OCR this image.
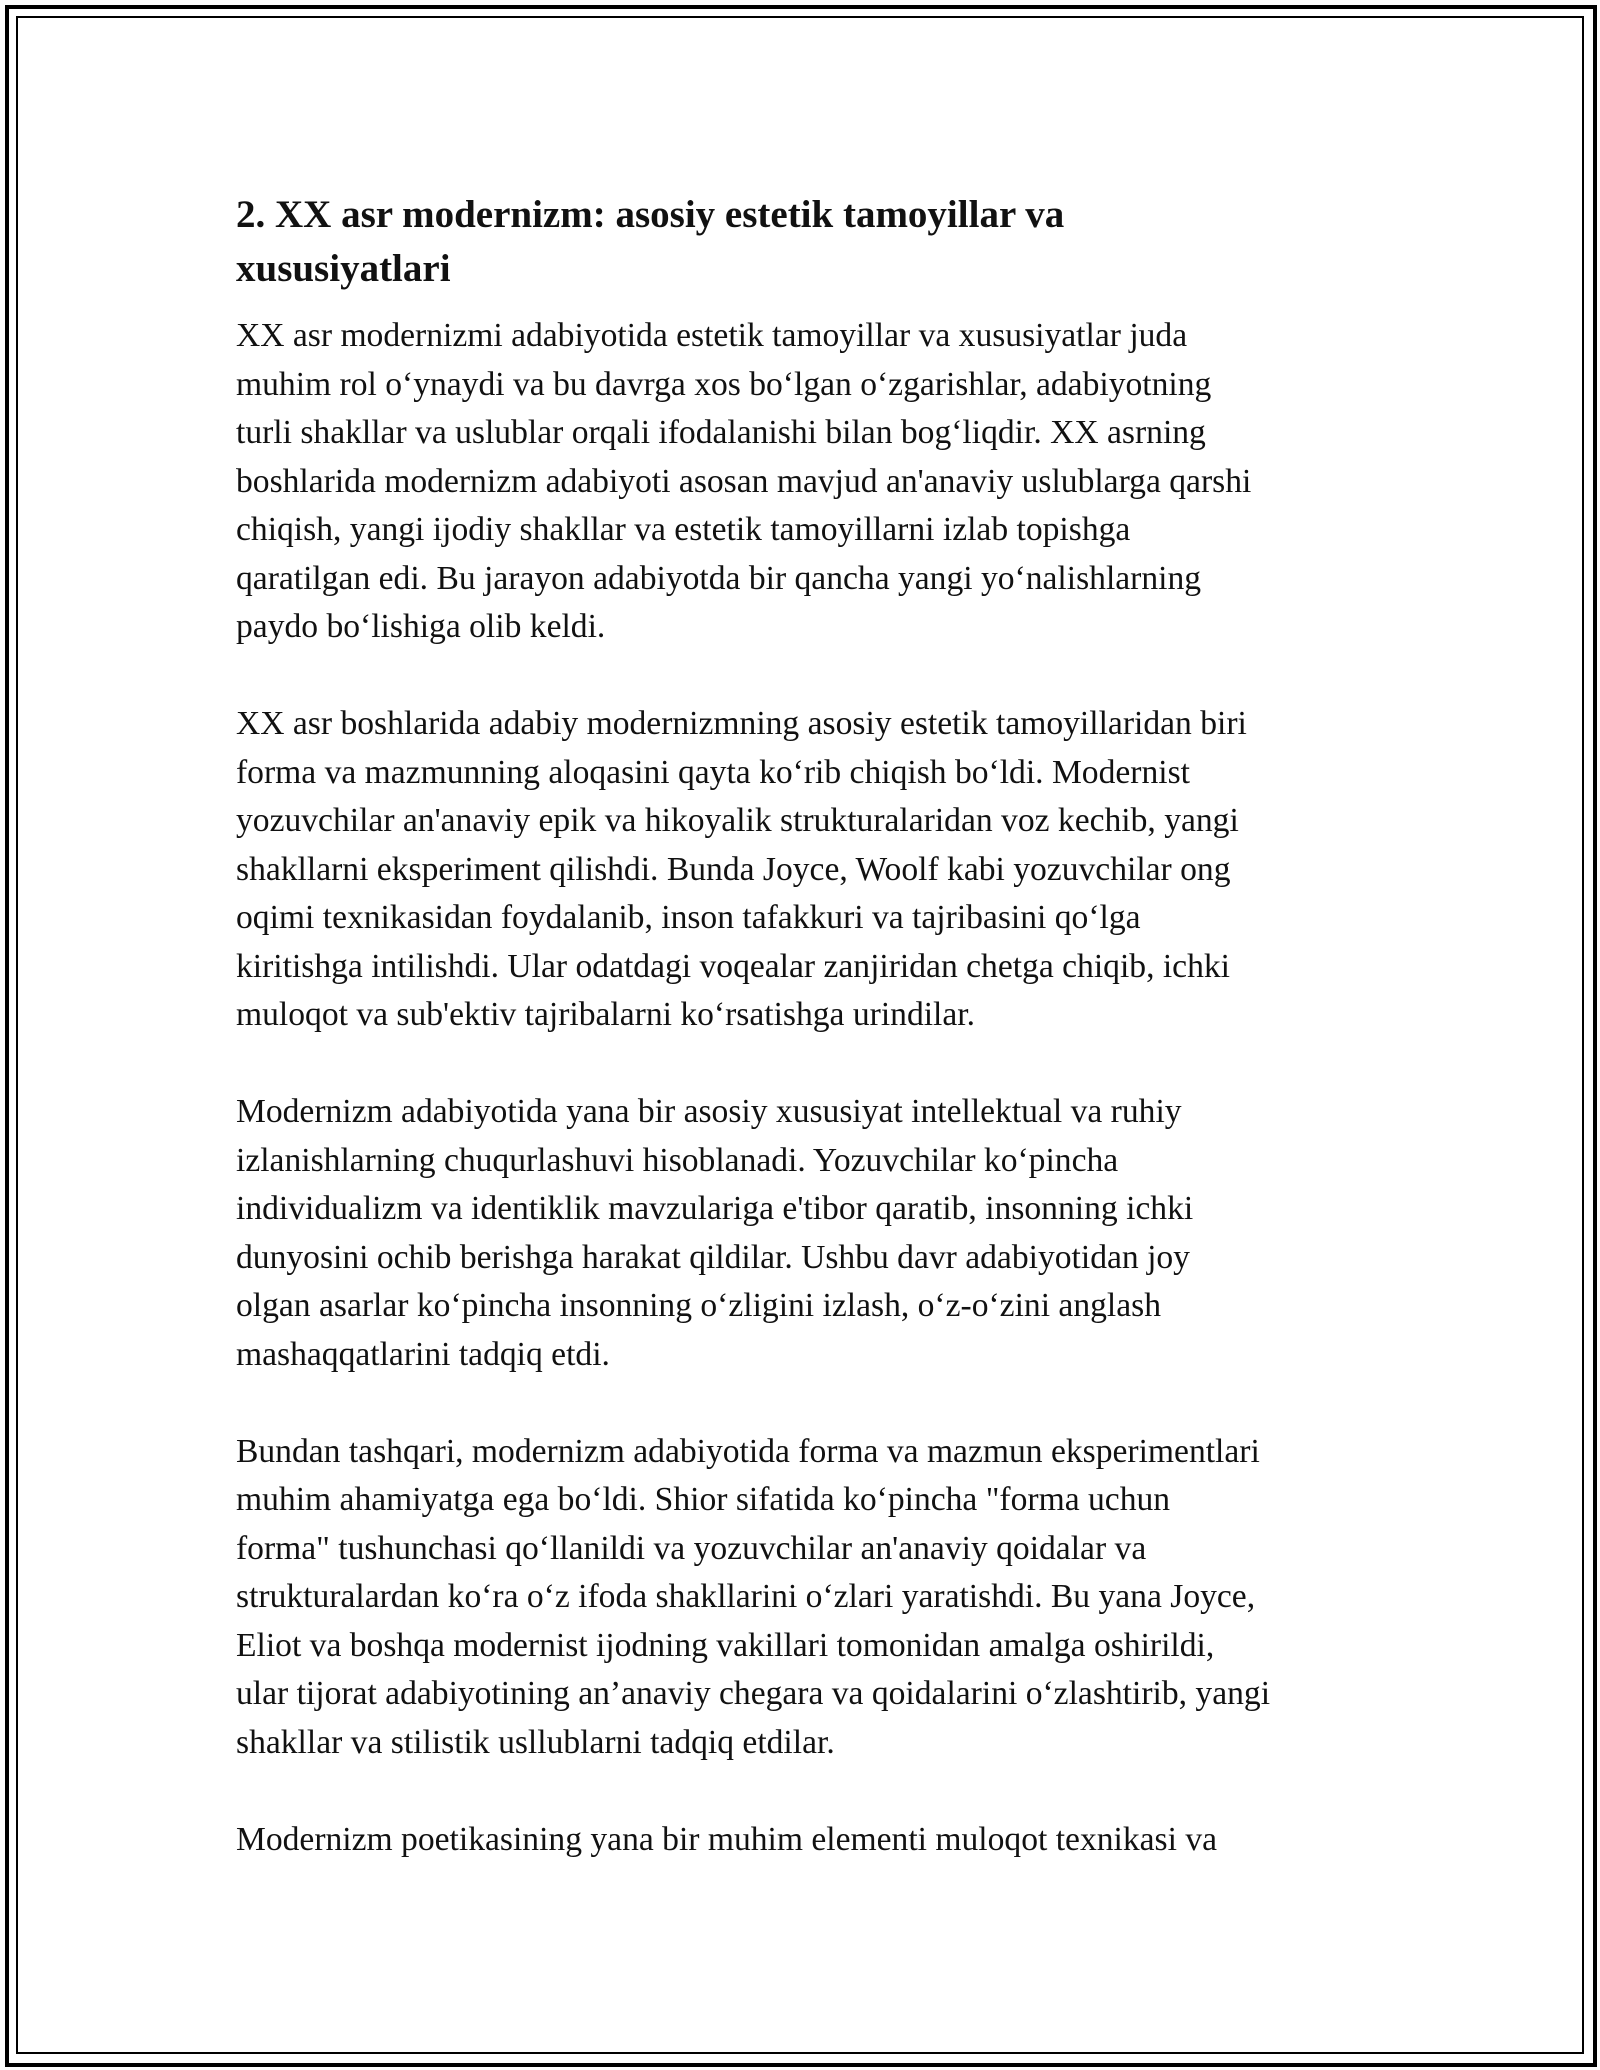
2. XX asr modernizm: asosiy estetik tamoyillar va
xususiyatlari

XX asr modernizmi adabiyotida estetik tamoyillar va xususiyatlar juda
muhim rol o‘ynaydi va bu davrga xos bo‘lgan o‘zgarishlar, adabiyotning
turli shakllar va uslublar orqali ifodalanishi bilan bog‘liqdir. XX asrning
boshlarida modernizm adabiyoti asosan mavjud an'anaviy uslublarga qarshi
chiqish, yangi ijodiy shakllar va estetik tamoyillarni izlab topishga
qaratilgan edi. Bu jarayon adabiyotda bir qancha yangi yo‘nalishlarning
paydo bo‘lishiga olib keldi.

XX asr boshlarida adabiy modernizmning asosiy estetik tamoyillaridan biri
forma va mazmunning aloqasini qayta ko‘rib chiqish bo‘ldi. Modernist
yozuvchilar an'anaviy epik va hikoyalik strukturalaridan voz kechib, yangi
shakllarni eksperiment qilishdi. Bunda Joyce, Woolf kabi yozuvchilar ong
oqimi texnikasidan foydalanib, inson tafakkuri va tajribasini qo‘lga
kiritishga intilishdi. Ular odatdagi voqealar zanjiridan chetga chiqib, ichki
muloqot va sub'ektiv tajribalarni ko‘rsatishga urindilar.

Modernizm adabiyotida yana bir asosiy xususiyat intellektual va ruhiy
izlanishlarning chuqurlashuvi hisoblanadi. Yozuvchilar ko‘pincha
individualizm va identiklik mavzulariga e'tibor qaratib, insonning ichki
dunyosini ochib berishga harakat qildilar. Ushbu davr adabiyotidan joy
olgan asarlar ko‘pincha insonning o‘zligini izlash, o‘z-o‘zini anglash
mashaqqatlarini tadqiq etdi.

Bundan tashqari, modernizm adabiyotida forma va mazmun eksperimentlari
muhim ahamiyatga ega bo‘ldi. Shior sifatida ko‘pincha "forma uchun
forma" tushunchasi qo‘llanildi va yozuvchilar an'anaviy qoidalar va
strukturalardan ko‘ra o‘z ifoda shakllarini o‘zlari yaratishdi. Bu yana Joyce,
Eliot va boshqa modernist ijodning vakillari tomonidan amalga oshirildi,
ular tijorat adabiyotining an’anaviy chegara va qoidalarini o‘zlashtirib, yangi
shakllar va stilistik usllublarni tadqiq etdilar.

Modernizm poetikasining yana bir muhim elementi muloqot texnikasi va
